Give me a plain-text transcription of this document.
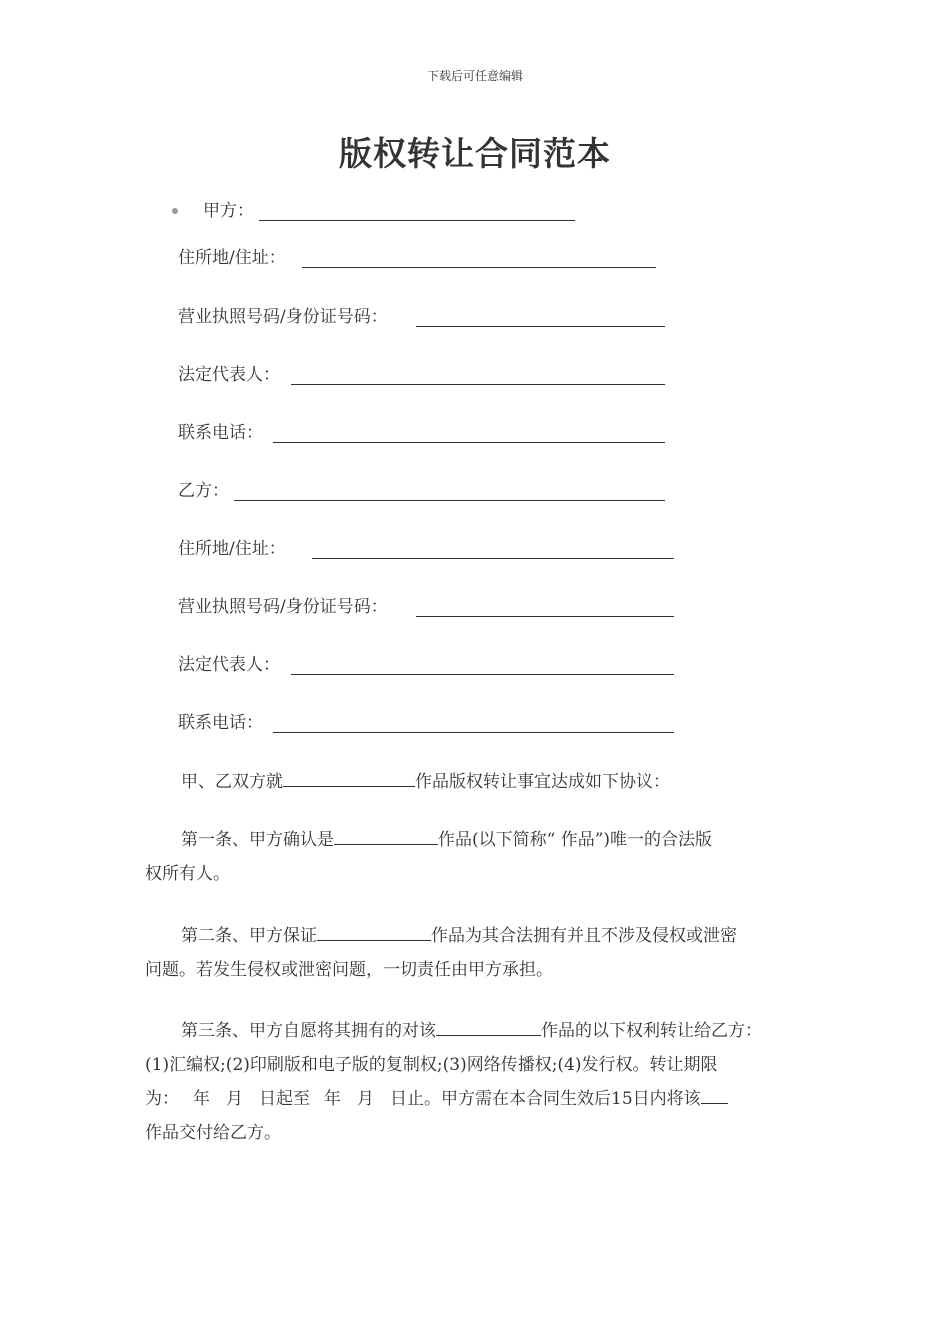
下载后可任意编辑
版权转让合同范本
甲方：
住所地/住址：
营业执照号码/身份证号码：
法定代表人：
联系电话：
乙方：
住所地/住址：
营业执照号码/身份证号码：
法定代表人：
联系电话：
甲、乙双方就	作品版权转让事宜达成如下协议：
第一条、甲方确认是	作品(以下简称“ 作品”)唯一的合法版
权所有人。
第二条、甲方保证	作品为其合法拥有并且不涉及侵权或泄密
问题。若发生侵权或泄密问题，一切责任由甲方承担。
第三条、甲方自愿将其拥有的对该	作品的以下权利转让给乙方：
(1)汇编权;(2)印刷版和电子版的复制权;(3)网络传播权;(4)发行权。转让期限
为： 年 月 日起至 年 月 日止。甲方需在本合同生效后15日内将该
作品交付给乙方。
